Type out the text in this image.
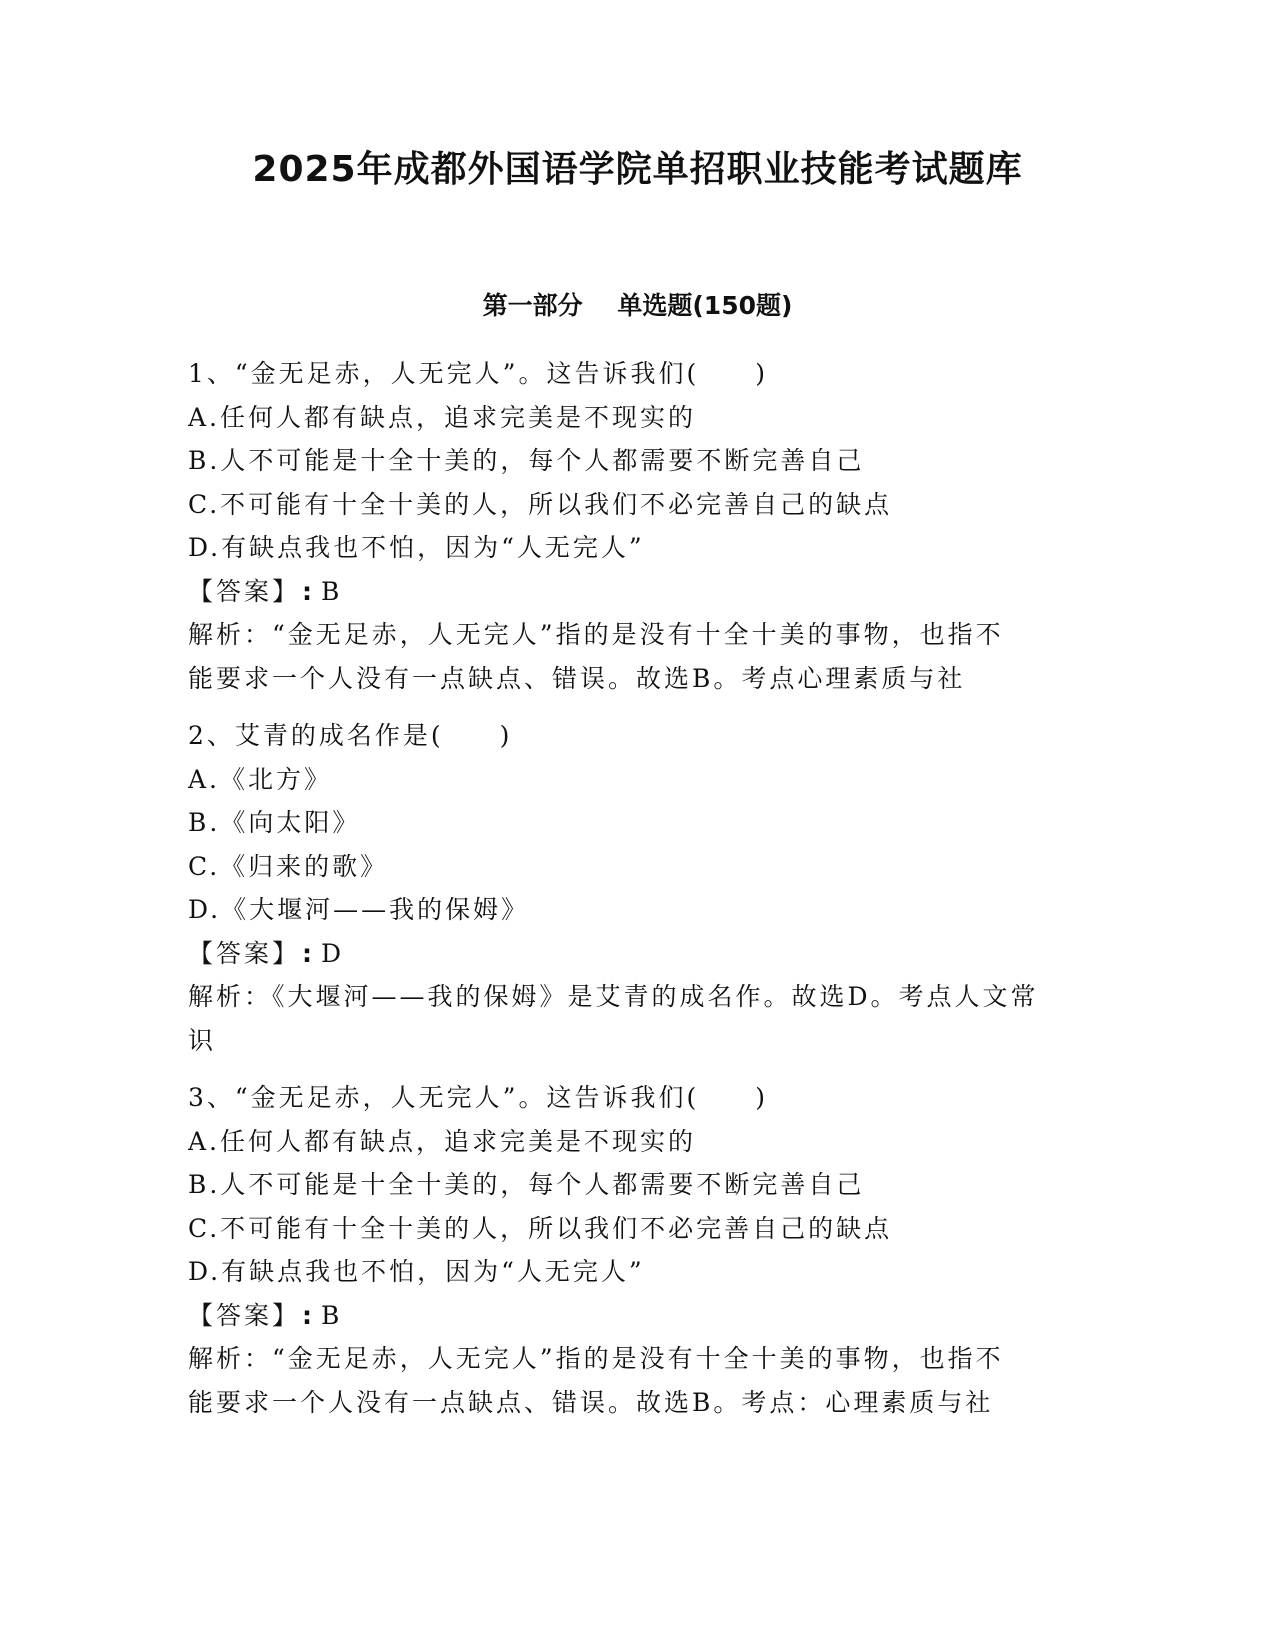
2025年成都外国语学院单招职业技能考试题库
第一部分    单选题(150题)

1、“金无足赤，人无完人”。这告诉我们(　　)

A.任何人都有缺点，追求完美是不现实的

B.人不可能是十全十美的，每个人都需要不断完善自己

C.不可能有十全十美的人，所以我们不必完善自己的缺点

D.有缺点我也不怕，因为“人无完人”

【答案】 : B

解析：“金无足赤，人无完人”指的是没有十全十美的事物，也指不

能要求一个人没有一点缺点、错误。故选B。考点心理素质与社

2、艾青的成名作是(　　)

A.《北方》

B.《向太阳》

C.《归来的歌》

D.《大堰河——我的保姆》

【答案】 : D

解析：《大堰河——我的保姆》是艾青的成名作。故选D。考点人文常

识

3、“金无足赤，人无完人”。这告诉我们(　　)

A.任何人都有缺点，追求完美是不现实的

B.人不可能是十全十美的，每个人都需要不断完善自己

C.不可能有十全十美的人，所以我们不必完善自己的缺点

D.有缺点我也不怕，因为“人无完人”

【答案】 : B

解析：“金无足赤，人无完人”指的是没有十全十美的事物，也指不

能要求一个人没有一点缺点、错误。故选B。考点：心理素质与社
